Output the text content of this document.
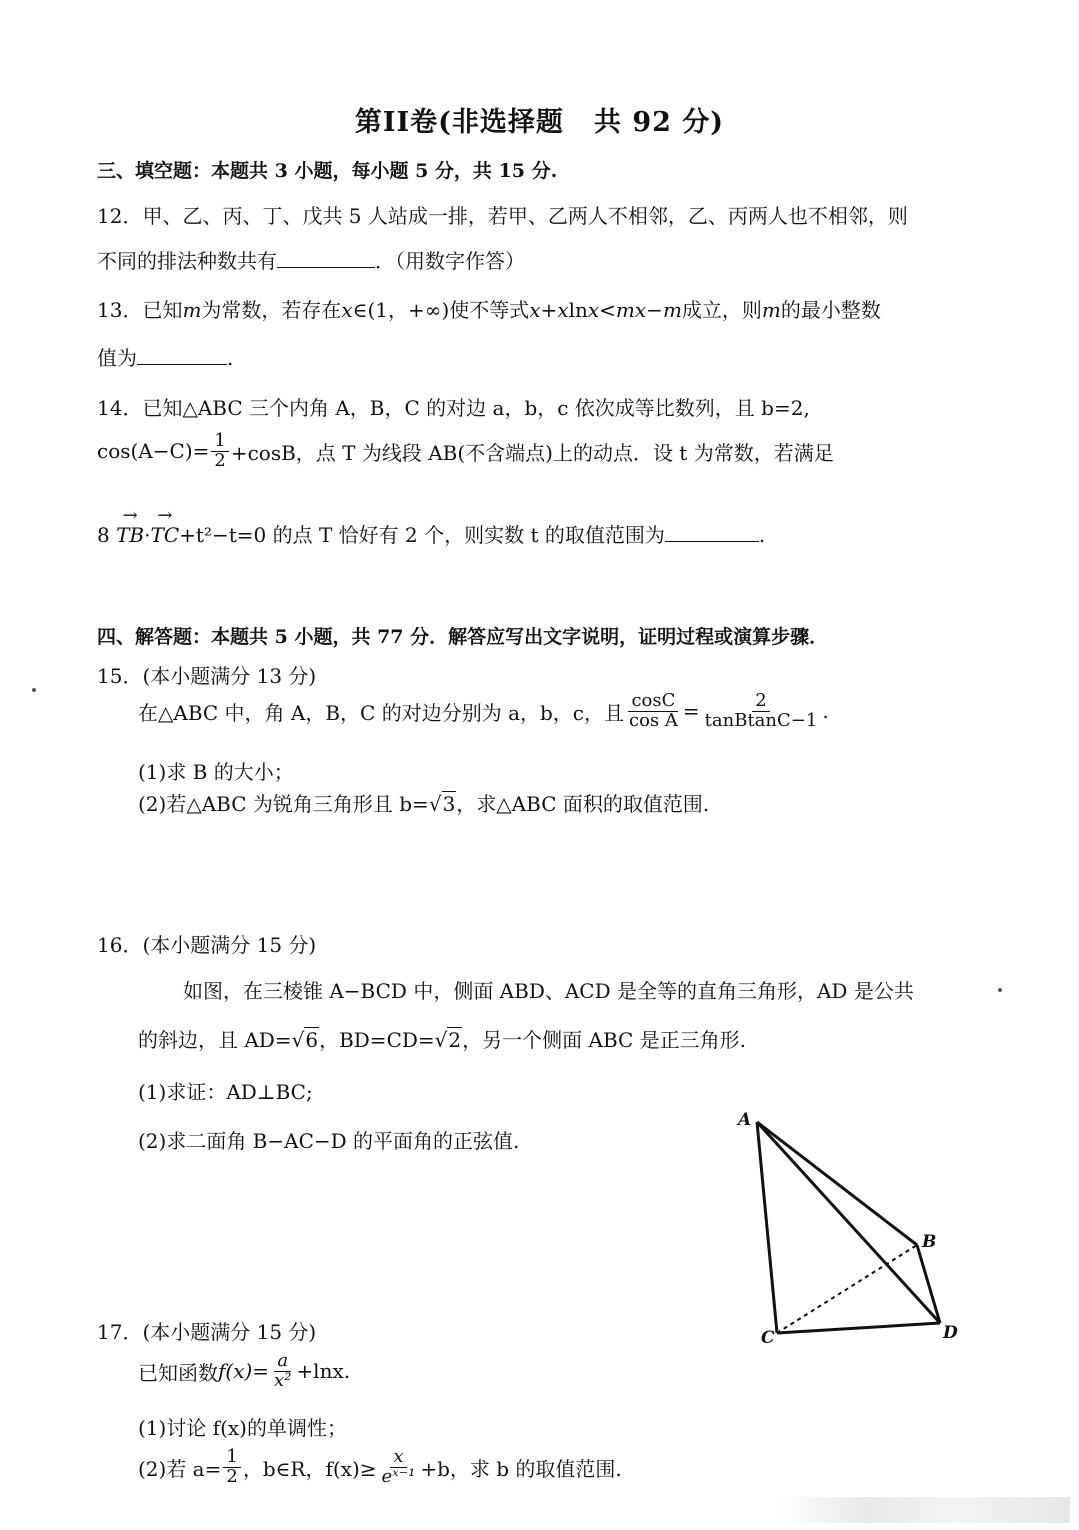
第II卷(非选择题 共 92 分)
三、填空题：本题共 3 小题，每小题 5 分，共 15 分.
12．甲、乙、丙、丁、戊共 5 人站成一排，若甲、乙两人不相邻，乙、丙两人也不相邻，则
不同的排法种数共有	．（用数字作答）
13．已知m为常数，若存在x∈(1，+∞)使不等式x+xlnx<mx−m成立，则m的最小整数
值为	.
14．已知△ABC 三个内角 A，B，C 的对边 a，b，c 依次成等比数列，且 b=2,
$\cos(A-C)= \frac{1}{2} +\cos B$，点 T 为线段 AB(不含端点)上的动点．设 t 为常数，若满足
8 → TB·→ TC+t²−t=0 的点 T 恰好有 2 个，则实数 t 的取值范围为	.
四、解答题：本题共 5 小题，共 77 分．解答应写出文字说明，证明过程或演算步骤．
15．(本小题满分 13 分)
在△ABC 中，角 A，B，C 的对边分别为 a，b，c，且 $\frac{\cos C}{\text{cos A}} = \frac{2}{\text{tanBtanC−1}}$ .
(1)求 B 的大小；
(2)若△ABC 为锐角三角形且 b=√3，求△ABC 面积的取值范围.
16．(本小题满分 15 分)
如图，在三棱锥 A−BCD 中，侧面 ABD、ACD 是全等的直角三角形，AD 是公共
的斜边，且 AD=√6，BD=CD=√2，另一个侧面 ABC 是正三角形.
(1)求证：AD⊥BC;
(2)求二面角 B−AC−D 的平面角的正弦值.
A
B
C	D
17．(本小题满分 15 分)
已知函数 $f(x)= \frac{a}{\text{x²}} +\ln x$.
(1)讨论 f(x)的单调性；
(2)若 $a= \frac{1}{2}$ ，b∈R，$f(x)\ge \frac{x}{\text{eˣ⁻¹}} +b$，求 b 的取值范围.
